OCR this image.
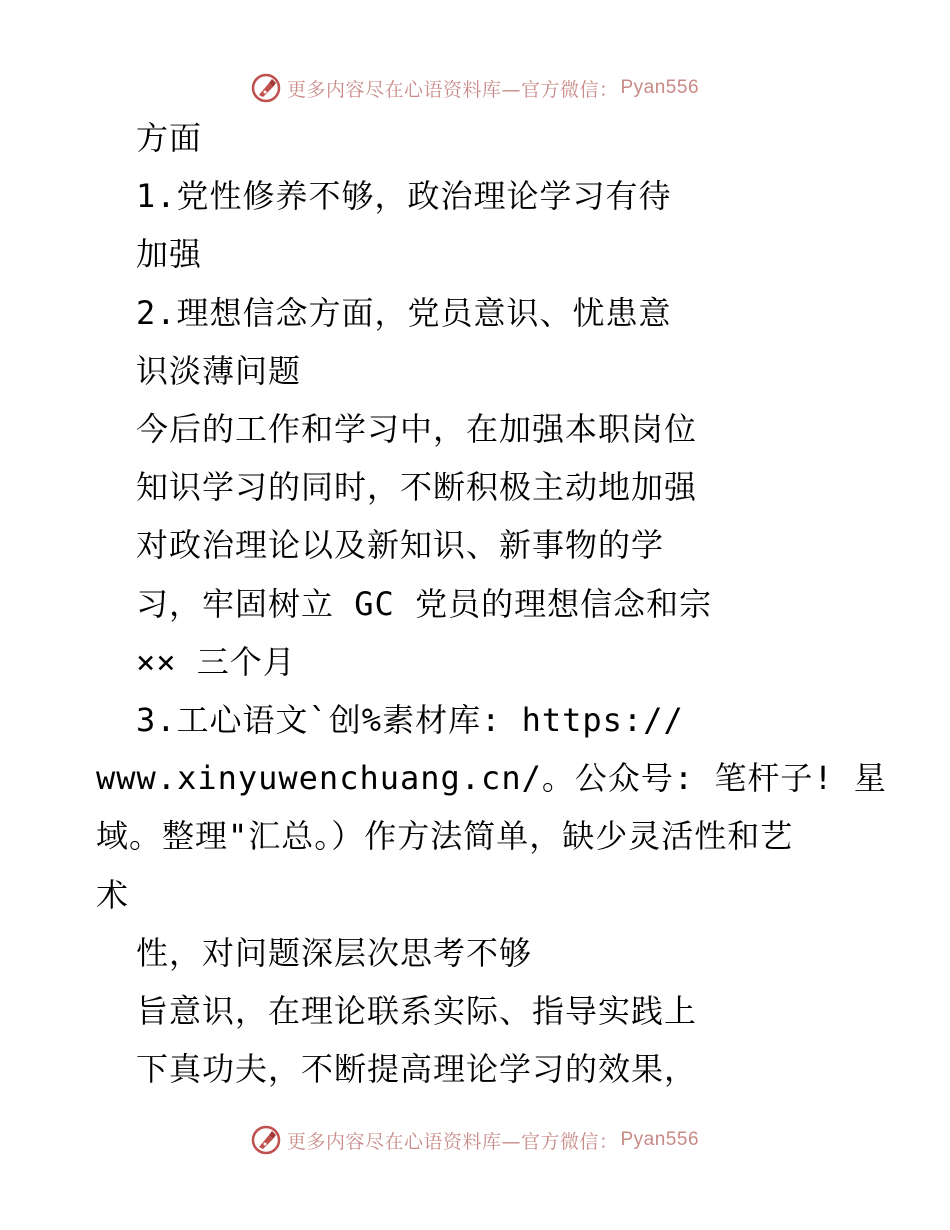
更多内容尽在心语资料库—官方微信： Pyan556
方面
1.党性修养不够，政治理论学习有待
加强
2.理想信念方面，党员意识、忧患意
识淡薄问题
今后的工作和学习中，在加强本职岗位
知识学习的同时，不断积极主动地加强
对政治理论以及新知识、新事物的学
习，牢固树立 GC 党员的理想信念和宗
×× 三个月
3.工心语文`创%素材库: https://
www.xinyuwenchuang.cn/。公众号: 笔杆子! 星
域。整理"汇总。）作方法简单，缺少灵活性和艺
术
性，对问题深层次思考不够
旨意识，在理论联系实际、指导实践上
下真功夫，不断提高理论学习的效果，
更多内容尽在心语资料库—官方微信： Pyan556
